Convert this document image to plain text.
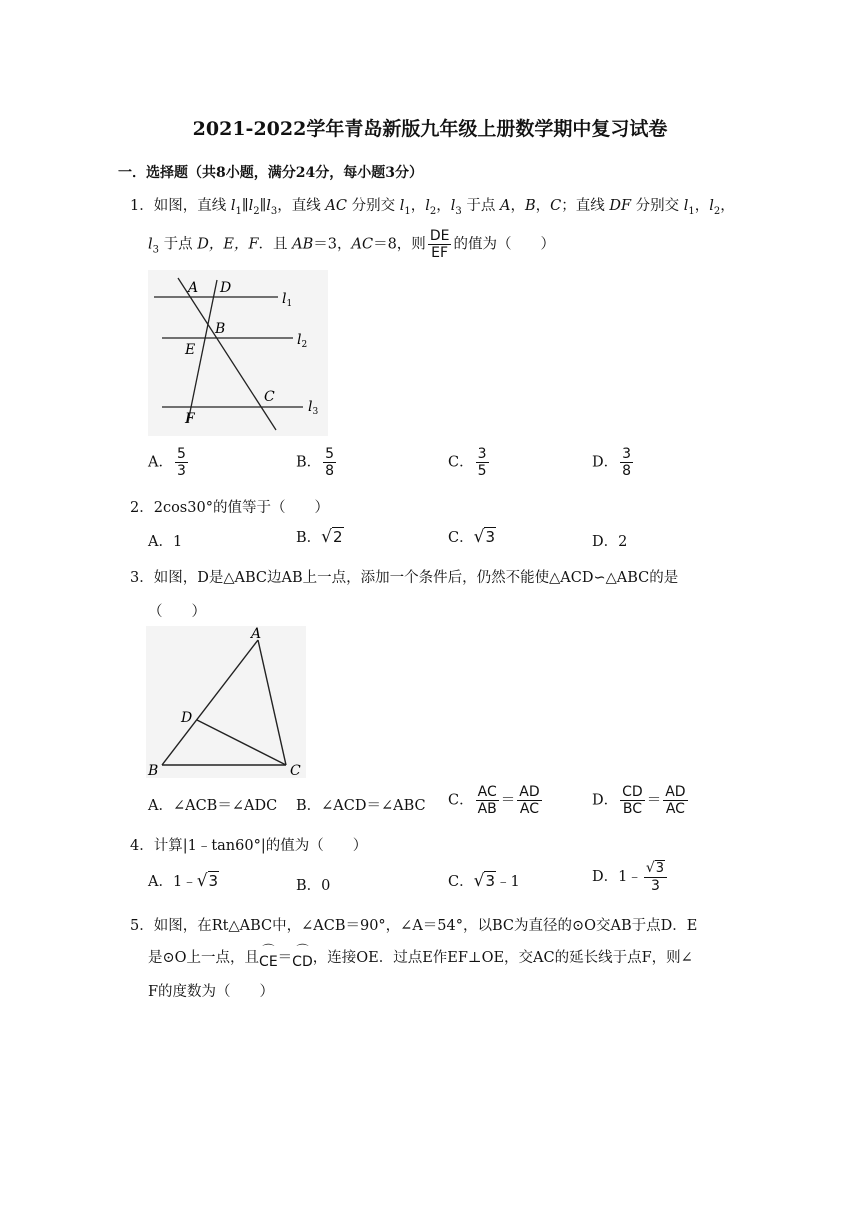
2021-2022学年青岛新版九年级上册数学期中复习试卷
一．选择题（共8小题，满分24分，每小题3分）
1．如图，直线 $l_1\parallel l_2\parallel l_3$，直线 AC 分别交 $l_1$，$l_2$，$l_3$ 于点 A，B，C；直线 DF 分别交 $l_1$，$l_2$，
$l_3$ 于点 D，E，F．且 AB＝3，AC＝8，则 $\frac{DE}{EF}$ 的值为（　　）
A D
B
E
C
F
$l_1$
$l_2$
$l_3$
A． $\frac{5}{3}$	B． $\frac{5}{8}$	C． $\frac{3}{5}$	D． $\frac{3}{8}$
2．2cos30°的值等于（　　）
A．1	B．√2	C．√3	D．2
3．如图，D是△ABC边AB上一点，添加一个条件后，仍然不能使△ACD∽△ABC的是
（　　）
A
B	C
D
A．∠ACB＝∠ADC B．∠ACD＝∠ABC C． $\frac{AC}{AB} = \frac{AD}{AC}$	D． $\frac{CD}{BC} = \frac{AD}{AC}$
4．计算|1﹣tan60°|的值为（　　）
A．1﹣√3	B．0	C．√3﹣1	D．1﹣ $\frac{√3}{3}$
5．如图，在Rt△ABC中，∠ACB＝90°，∠A＝54°，以BC为直径的⊙O交AB于点D．E
是⊙O上一点，且 ⌒
CE＝ ⌒
CD，连接OE．过点E作EF⊥OE，交AC的延长线于点F，则∠
F的度数为（　　）
